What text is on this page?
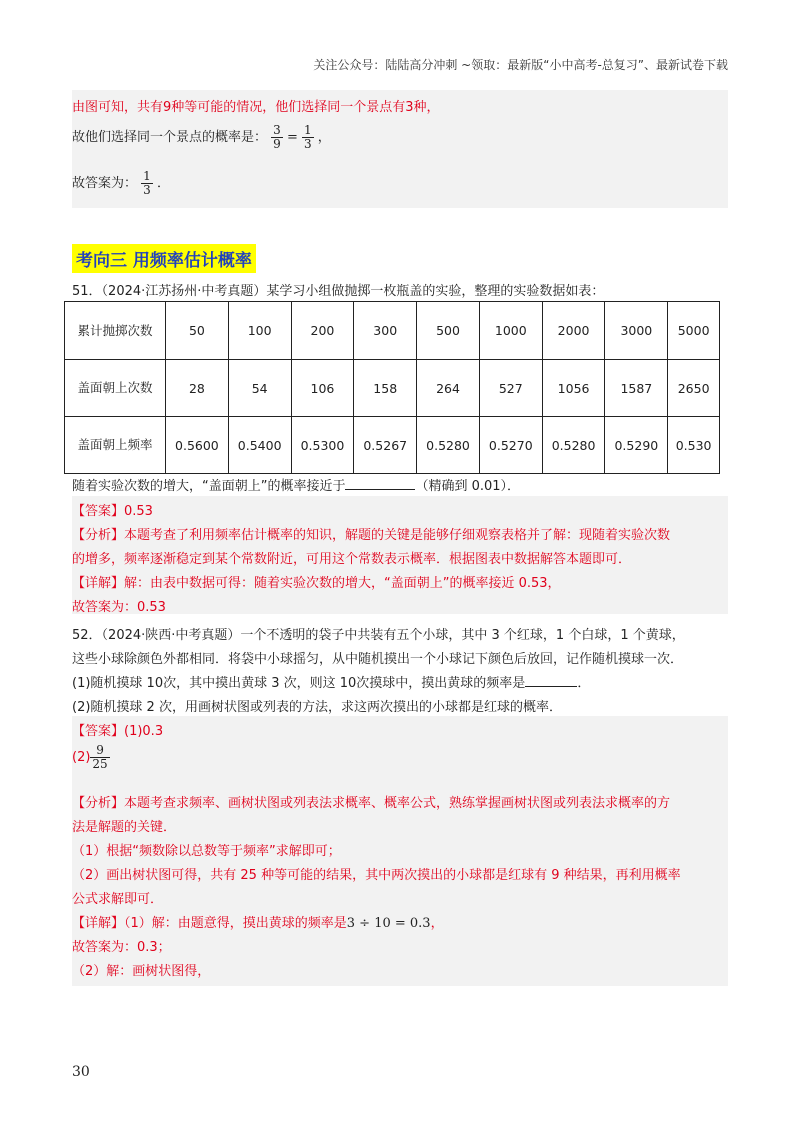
关注公众号：陆陆高分冲刺 ~领取：最新版“小中高考-总复习”、最新试卷下载
由图可知，共有9种等可能的情况，他们选择同一个景点有3种，
故他们选择同一个景点的概率是： $\frac{3}{9} = \frac{1}{3}$ ，
故答案为： $\frac{1}{3}$ ．
考向三 用频率估计概率
51．（2024·江苏扬州·中考真题）某学习小组做抛掷一枚瓶盖的实验，整理的实验数据如表：
累计抛掷次数	50	100	200	300	500	1000	2000	3000	5000
盖面朝上次数	28	54	106	158	264	527	1056	1587	2650
盖面朝上频率	0.5600	0.5400	0.5300	0.5267	0.5280	0.5270	0.5280	0.5290	0.530
随着实验次数的增大，“盖面朝上”的概率接近于	（精确到 0.01）．
【答案】0.53
【分析】本题考查了利用频率估计概率的知识，解题的关键是能够仔细观察表格并了解：现随着实验次数
的增多，频率逐渐稳定到某个常数附近，可用这个常数表示概率．根据图表中数据解答本题即可．
【详解】解：由表中数据可得：随着实验次数的增大，“盖面朝上”的概率接近 0.53，
故答案为：0.53
52．（2024·陕西·中考真题）一个不透明的袋子中共装有五个小球，其中 3 个红球，1 个白球，1 个黄球，
这些小球除颜色外都相同．将袋中小球摇匀，从中随机摸出一个小球记下颜色后放回，记作随机摸球一次．
(1)随机摸球 10次，其中摸出黄球 3 次，则这 10次摸球中，摸出黄球的频率是	．
(2)随机摸球 2 次，用画树状图或列表的方法，求这两次摸出的小球都是红球的概率．
【答案】(1)0.3
$(2) \frac{9}{25}$
【分析】本题考查求频率、画树状图或列表法求概率、概率公式，熟练掌握画树状图或列表法求概率的方
法是解题的关键．
（1）根据“频数除以总数等于频率”求解即可；
（2）画出树状图可得，共有 25 种等可能的结果，其中两次摸出的小球都是红球有 9 种结果，再利用概率
公式求解即可．
【详解】（1）解：由题意得，摸出黄球的频率是3 ÷ 10 = 0.3，
故答案为：0.3；
（2）解：画树状图得，
30
